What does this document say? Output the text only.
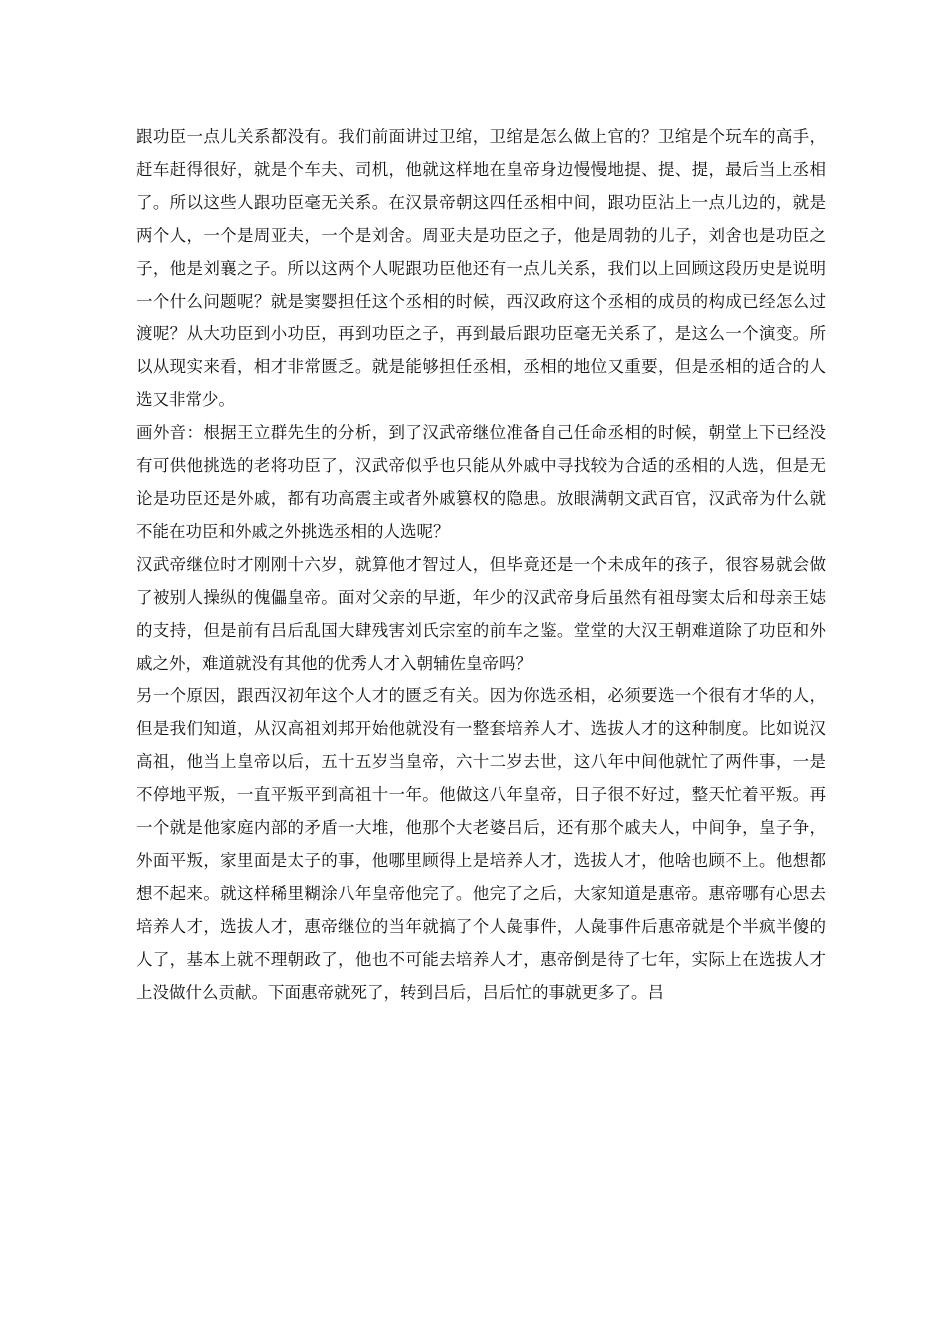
跟功臣一点儿关系都没有。我们前面讲过卫绾，卫绾是怎么做上官的？卫绾是个玩车的高手，赶车赶得很好，就是个车夫、司机，他就这样地在皇帝身边慢慢地提、提、提，最后当上丞相了。所以这些人跟功臣毫无关系。在汉景帝朝这四任丞相中间，跟功臣沾上一点儿边的，就是两个人，一个是周亚夫，一个是刘舍。周亚夫是功臣之子，他是周勃的儿子，刘舍也是功臣之子，他是刘襄之子。所以这两个人呢跟功臣他还有一点儿关系，我们以上回顾这段历史是说明一个什么问题呢？就是窦婴担任这个丞相的时候，西汉政府这个丞相的成员的构成已经怎么过渡呢？从大功臣到小功臣，再到功臣之子，再到最后跟功臣毫无关系了，是这么一个演变。所以从现实来看，相才非常匮乏。就是能够担任丞相，丞相的地位又重要，但是丞相的适合的人选又非常少。

画外音：根据王立群先生的分析，到了汉武帝继位准备自己任命丞相的时候，朝堂上下已经没有可供他挑选的老将功臣了，汉武帝似乎也只能从外戚中寻找较为合适的丞相的人选，但是无论是功臣还是外戚，都有功高震主或者外戚篡权的隐患。放眼满朝文武百官，汉武帝为什么就不能在功臣和外戚之外挑选丞相的人选呢？

汉武帝继位时才刚刚十六岁，就算他才智过人，但毕竟还是一个未成年的孩子，很容易就会做了被别人操纵的傀儡皇帝。面对父亲的早逝，年少的汉武帝身后虽然有祖母窦太后和母亲王娡的支持，但是前有吕后乱国大肆残害刘氏宗室的前车之鉴。堂堂的大汉王朝难道除了功臣和外戚之外，难道就没有其他的优秀人才入朝辅佐皇帝吗？

另一个原因，跟西汉初年这个人才的匮乏有关。因为你选丞相，必须要选一个很有才华的人，但是我们知道，从汉高祖刘邦开始他就没有一整套培养人才、选拔人才的这种制度。比如说汉高祖，他当上皇帝以后，五十五岁当皇帝，六十二岁去世，这八年中间他就忙了两件事，一是不停地平叛，一直平叛平到高祖十一年。他做这八年皇帝，日子很不好过，整天忙着平叛。再一个就是他家庭内部的矛盾一大堆，他那个大老婆吕后，还有那个戚夫人，中间争，皇子争，外面平叛，家里面是太子的事，他哪里顾得上是培养人才，选拔人才，他啥也顾不上。他想都想不起来。就这样稀里糊涂八年皇帝他完了。他完了之后，大家知道是惠帝。惠帝哪有心思去培养人才，选拔人才，惠帝继位的当年就搞了个人彘事件，人彘事件后惠帝就是个半疯半傻的人了，基本上就不理朝政了，他也不可能去培养人才，惠帝倒是待了七年，实际上在选拔人才上没做什么贡献。下面惠帝就死了，转到吕后，吕后忙的事就更多了。吕
